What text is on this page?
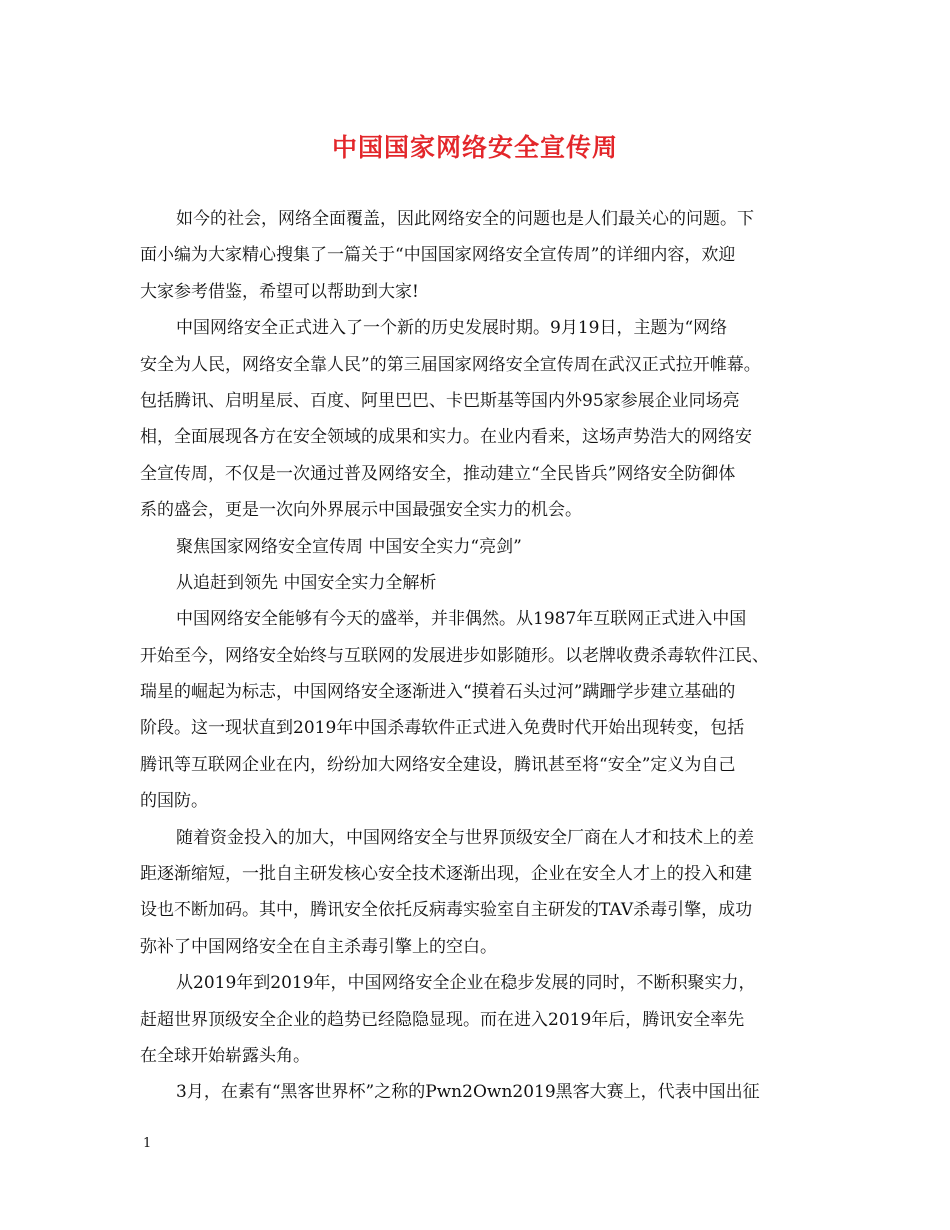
中国国家网络安全宣传周
如今的社会，网络全面覆盖，因此网络安全的问题也是人们最关心的问题。下
面小编为大家精心搜集了一篇关于“中国国家网络安全宣传周”的详细内容，欢迎
大家参考借鉴，希望可以帮助到大家!
中国网络安全正式进入了一个新的历史发展时期。9月19日，主题为“网络
安全为人民，网络安全靠人民”的第三届国家网络安全宣传周在武汉正式拉开帷幕。
包括腾讯、启明星辰、百度、阿里巴巴、卡巴斯基等国内外95家参展企业同场亮
相，全面展现各方在安全领域的成果和实力。在业内看来，这场声势浩大的网络安
全宣传周，不仅是一次通过普及网络安全，推动建立“全民皆兵”网络安全防御体
系的盛会，更是一次向外界展示中国最强安全实力的机会。
聚焦国家网络安全宣传周 中国安全实力“亮剑”
从追赶到领先 中国安全实力全解析
中国网络安全能够有今天的盛举，并非偶然。从1987年互联网正式进入中国
开始至今，网络安全始终与互联网的发展进步如影随形。以老牌收费杀毒软件江民、
瑞星的崛起为标志，中国网络安全逐渐进入“摸着石头过河”蹒跚学步建立基础的
阶段。这一现状直到2019年中国杀毒软件正式进入免费时代开始出现转变，包括
腾讯等互联网企业在内，纷纷加大网络安全建设，腾讯甚至将“安全”定义为自己
的国防。
随着资金投入的加大，中国网络安全与世界顶级安全厂商在人才和技术上的差
距逐渐缩短，一批自主研发核心安全技术逐渐出现，企业在安全人才上的投入和建
设也不断加码。其中，腾讯安全依托反病毒实验室自主研发的TAV杀毒引擎，成功
弥补了中国网络安全在自主杀毒引擎上的空白。
从2019年到2019年，中国网络安全企业在稳步发展的同时，不断积聚实力，
赶超世界顶级安全企业的趋势已经隐隐显现。而在进入2019年后，腾讯安全率先
在全球开始崭露头角。
3月，在素有“黑客世界杯”之称的Pwn2Own2019黑客大赛上，代表中国出征
1
